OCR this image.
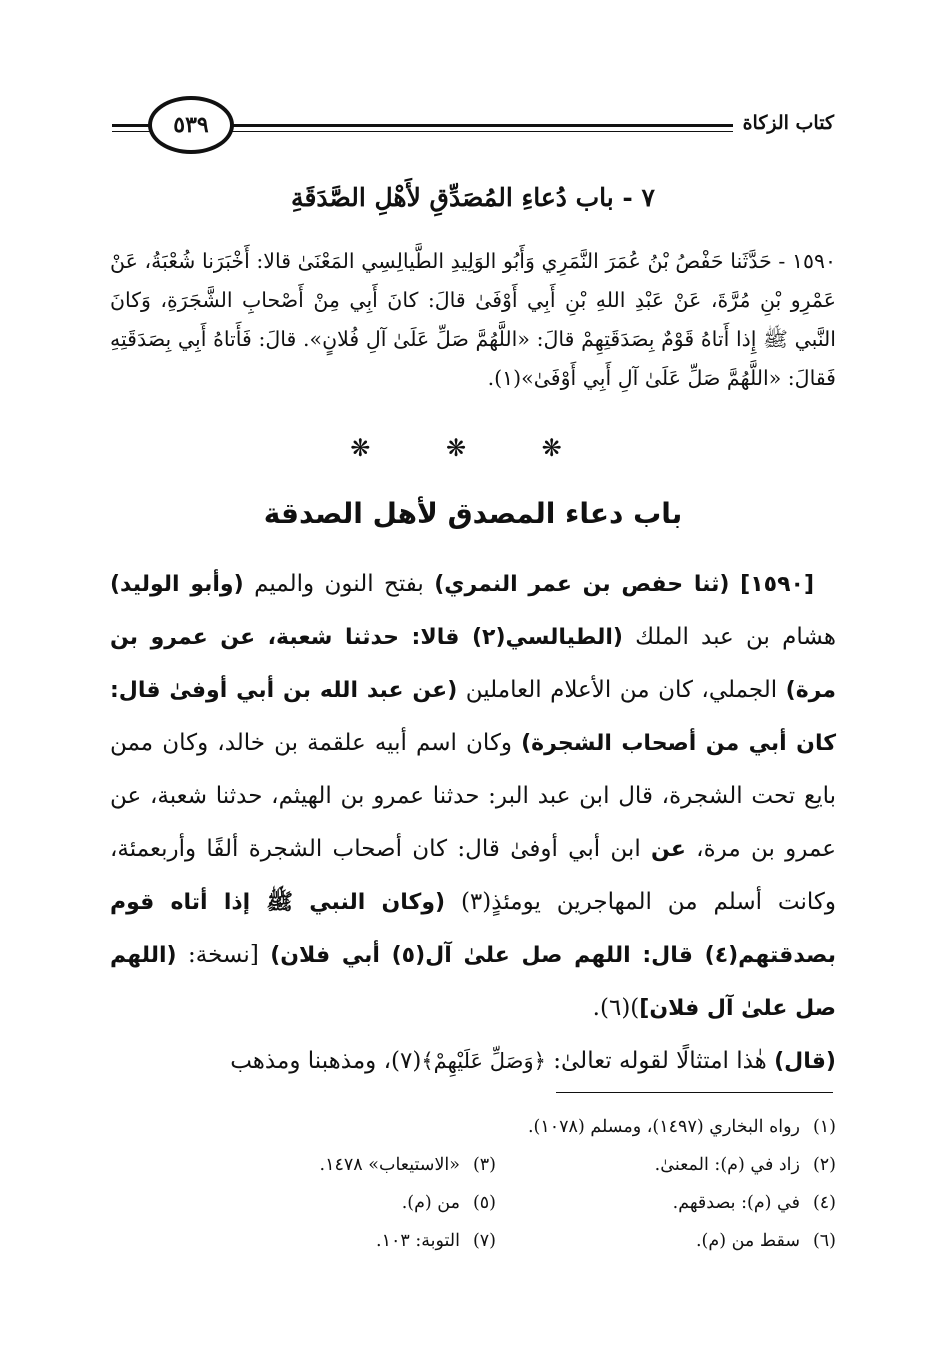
كتاب الزكاة
٥٣٩
٧ - باب دُعاءِ المُصَدِّقِ لأَهْلِ الصَّدَقَةِ

١٥٩٠ - حَدَّثَنا حَفْصُ بْنُ عُمَرَ النَّمَرِي وَأَبُو الوَلِيدِ الطَّيالِسِي المَعْنَىٰ قالا: أَخْبَرَنا شُعْبَةُ، عَنْ عَمْرِو بْنِ مُرَّةَ، عَنْ عَبْدِ اللهِ بْنِ أَبِي أَوْفَىٰ قالَ: كانَ أَبِي مِنْ أَصْحابِ الشَّجَرَةِ، وَكانَ النَّبي ﷺ إِذا أَتاهُ قَوْمٌ بِصَدَقَتِهِمْ قالَ: «اللَّهُمَّ صَلِّ عَلَىٰ آلِ فُلانٍ». قالَ: فَأَتاهُ أَبِي بِصَدَقَتِهِ فَقالَ: «اللَّهُمَّ صَلِّ عَلَىٰ آلِ أَبِي أَوْفَىٰ»(١).

❋ ❋ ❋
باب دعاء المصدق لأهل الصدقة

[١٥٩٠] (ثنا حفص بن عمر النمري) بفتح النون والميم (وأبو الوليد) هشام بن عبد الملك (الطيالسي(٢) قالا: حدثنا شعبة، عن عمرو بن مرة) الجملي، كان من الأعلام العاملين (عن عبد الله بن أبي أوفىٰ قال: كان أبي من أصحاب الشجرة) وكان اسم أبيه علقمة بن خالد، وكان ممن بايع تحت الشجرة، قال ابن عبد البر: حدثنا عمرو بن الهيثم، حدثنا شعبة، عن عمرو بن مرة، عن ابن أبي أوفىٰ قال: كان أصحاب الشجرة ألفًا وأربعمئة، وكانت أسلم من المهاجرين يومئذٍ(٣) (وكان النبي ﷺ إذا أتاه قوم بصدقتهم(٤) قال: اللهم صل علىٰ آل(٥) أبي فلان) [نسخة: (اللهم صل علىٰ آل فلان])(٦).

(قال) هٰذا امتثالًا لقوله تعالىٰ: ﴿وَصَلِّ عَلَيْهِمْ﴾(٧)، ومذهبنا ومذهب

(١)رواه البخاري (١٤٩٧)، ومسلم (١٠٧٨).
(٢)زاد في (م): المعنىٰ.
(٣)«الاستيعاب» ١٤٧٨.
(٤)في (م): بصدقهم.
(٥)من (م).
(٦)سقط من (م).
(٧)التوبة: ١٠٣.
